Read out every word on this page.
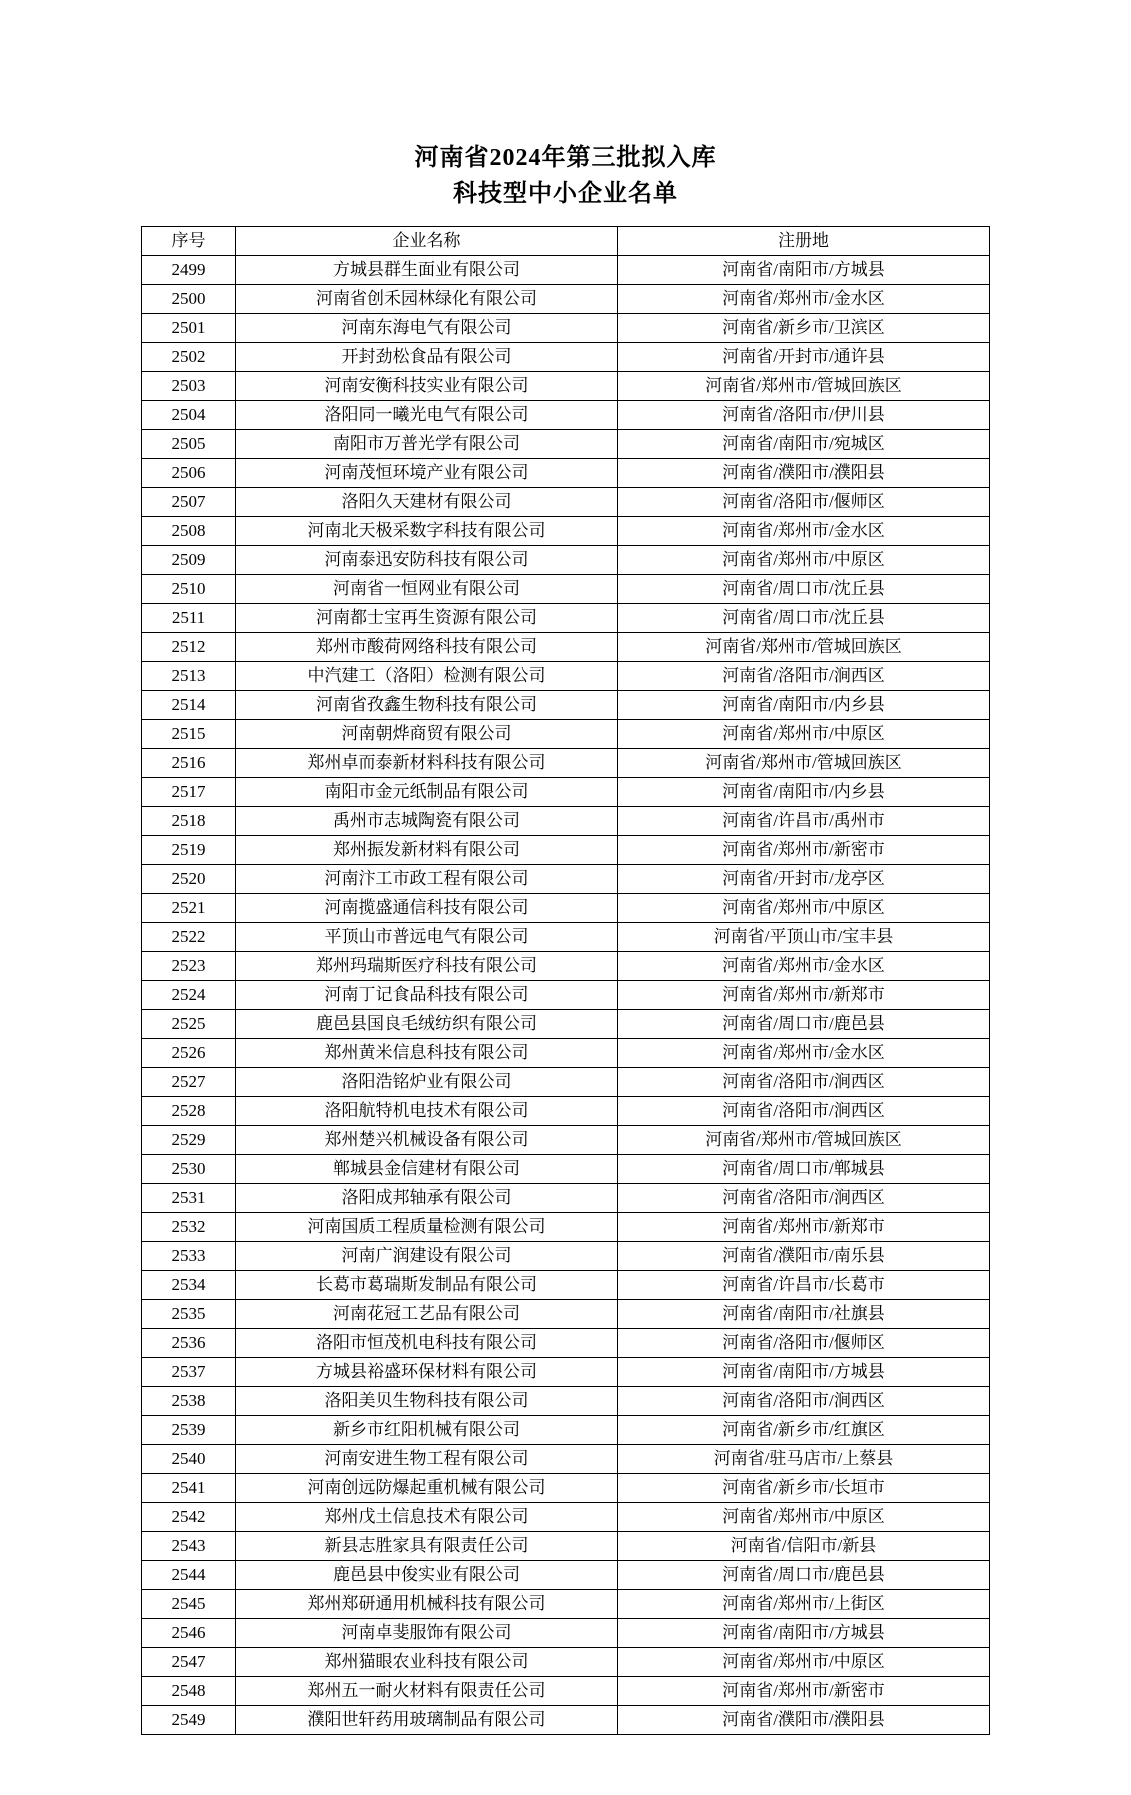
河南省2024年第三批拟入库
科技型中小企业名单
序号	企业名称	注册地
2499	方城县群生面业有限公司	河南省/南阳市/方城县
2500	河南省创禾园林绿化有限公司	河南省/郑州市/金水区
2501	河南东海电气有限公司	河南省/新乡市/卫滨区
2502	开封劲松食品有限公司	河南省/开封市/通许县
2503	河南安衡科技实业有限公司	河南省/郑州市/管城回族区
2504	洛阳同一曦光电气有限公司	河南省/洛阳市/伊川县
2505	南阳市万普光学有限公司	河南省/南阳市/宛城区
2506	河南茂恒环境产业有限公司	河南省/濮阳市/濮阳县
2507	洛阳久天建材有限公司	河南省/洛阳市/偃师区
2508	河南北天极采数字科技有限公司	河南省/郑州市/金水区
2509	河南泰迅安防科技有限公司	河南省/郑州市/中原区
2510	河南省一恒网业有限公司	河南省/周口市/沈丘县
2511	河南都士宝再生资源有限公司	河南省/周口市/沈丘县
2512	郑州市酸荷网络科技有限公司	河南省/郑州市/管城回族区
2513	中汽建工（洛阳）检测有限公司	河南省/洛阳市/涧西区
2514	河南省孜鑫生物科技有限公司	河南省/南阳市/内乡县
2515	河南朝烨商贸有限公司	河南省/郑州市/中原区
2516	郑州卓而泰新材料科技有限公司	河南省/郑州市/管城回族区
2517	南阳市金元纸制品有限公司	河南省/南阳市/内乡县
2518	禹州市志城陶瓷有限公司	河南省/许昌市/禹州市
2519	郑州振发新材料有限公司	河南省/郑州市/新密市
2520	河南汴工市政工程有限公司	河南省/开封市/龙亭区
2521	河南揽盛通信科技有限公司	河南省/郑州市/中原区
2522	平顶山市普远电气有限公司	河南省/平顶山市/宝丰县
2523	郑州玛瑞斯医疗科技有限公司	河南省/郑州市/金水区
2524	河南丁记食品科技有限公司	河南省/郑州市/新郑市
2525	鹿邑县国良毛绒纺织有限公司	河南省/周口市/鹿邑县
2526	郑州黄米信息科技有限公司	河南省/郑州市/金水区
2527	洛阳浩铭炉业有限公司	河南省/洛阳市/涧西区
2528	洛阳航特机电技术有限公司	河南省/洛阳市/涧西区
2529	郑州楚兴机械设备有限公司	河南省/郑州市/管城回族区
2530	郸城县金信建材有限公司	河南省/周口市/郸城县
2531	洛阳成邦轴承有限公司	河南省/洛阳市/涧西区
2532	河南国质工程质量检测有限公司	河南省/郑州市/新郑市
2533	河南广润建设有限公司	河南省/濮阳市/南乐县
2534	长葛市葛瑞斯发制品有限公司	河南省/许昌市/长葛市
2535	河南花冠工艺品有限公司	河南省/南阳市/社旗县
2536	洛阳市恒茂机电科技有限公司	河南省/洛阳市/偃师区
2537	方城县裕盛环保材料有限公司	河南省/南阳市/方城县
2538	洛阳美贝生物科技有限公司	河南省/洛阳市/涧西区
2539	新乡市红阳机械有限公司	河南省/新乡市/红旗区
2540	河南安进生物工程有限公司	河南省/驻马店市/上蔡县
2541	河南创远防爆起重机械有限公司	河南省/新乡市/长垣市
2542	郑州戊土信息技术有限公司	河南省/郑州市/中原区
2543	新县志胜家具有限责任公司	河南省/信阳市/新县
2544	鹿邑县中俊实业有限公司	河南省/周口市/鹿邑县
2545	郑州郑研通用机械科技有限公司	河南省/郑州市/上街区
2546	河南卓斐服饰有限公司	河南省/南阳市/方城县
2547	郑州猫眼农业科技有限公司	河南省/郑州市/中原区
2548	郑州五一耐火材料有限责任公司	河南省/郑州市/新密市
2549	濮阳世轩药用玻璃制品有限公司	河南省/濮阳市/濮阳县
